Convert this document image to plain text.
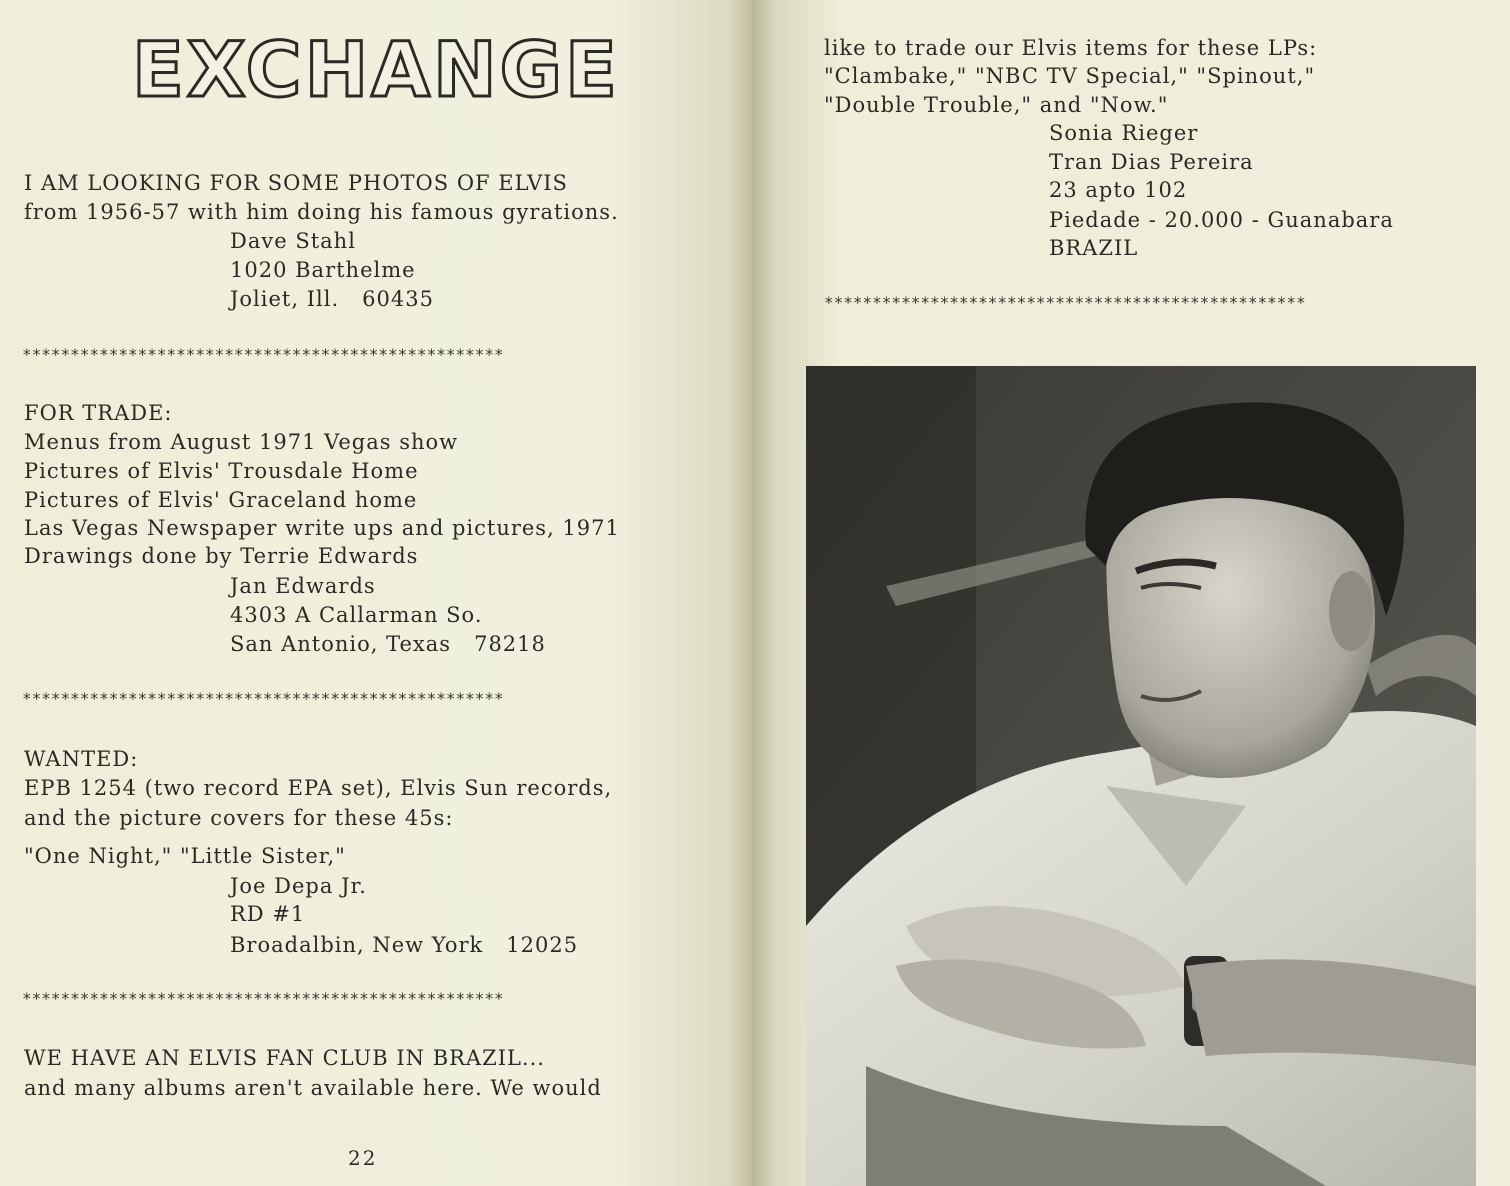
EXCHANGE

I AM LOOKING FOR SOME PHOTOS OF ELVIS

from 1956-57 with him doing his famous gyrations.

Dave Stahl

1020 Barthelme

Joliet, Ill.   60435

**************************************************

FOR TRADE:

Menus from August 1971 Vegas show

Pictures of Elvis' Trousdale Home

Pictures of Elvis' Graceland home

Las Vegas Newspaper write ups and pictures, 1971

Drawings done by Terrie Edwards

Jan Edwards

4303 A Callarman So.

San Antonio, Texas   78218

**************************************************

WANTED:

EPB 1254 (two record EPA set), Elvis Sun records,

and the picture covers for these 45s:

"One Night," "Little Sister,"

Joe Depa Jr.

RD #1

Broadalbin, New York   12025

**************************************************

WE HAVE AN ELVIS FAN CLUB IN BRAZIL...

and many albums aren't available here. We would

22

like to trade our Elvis items for these LPs:

"Clambake," "NBC TV Special," "Spinout,"

"Double Trouble," and "Now."

Sonia Rieger

Tran Dias Pereira

23 apto 102

Piedade - 20.000 - Guanabara

BRAZIL

**************************************************
